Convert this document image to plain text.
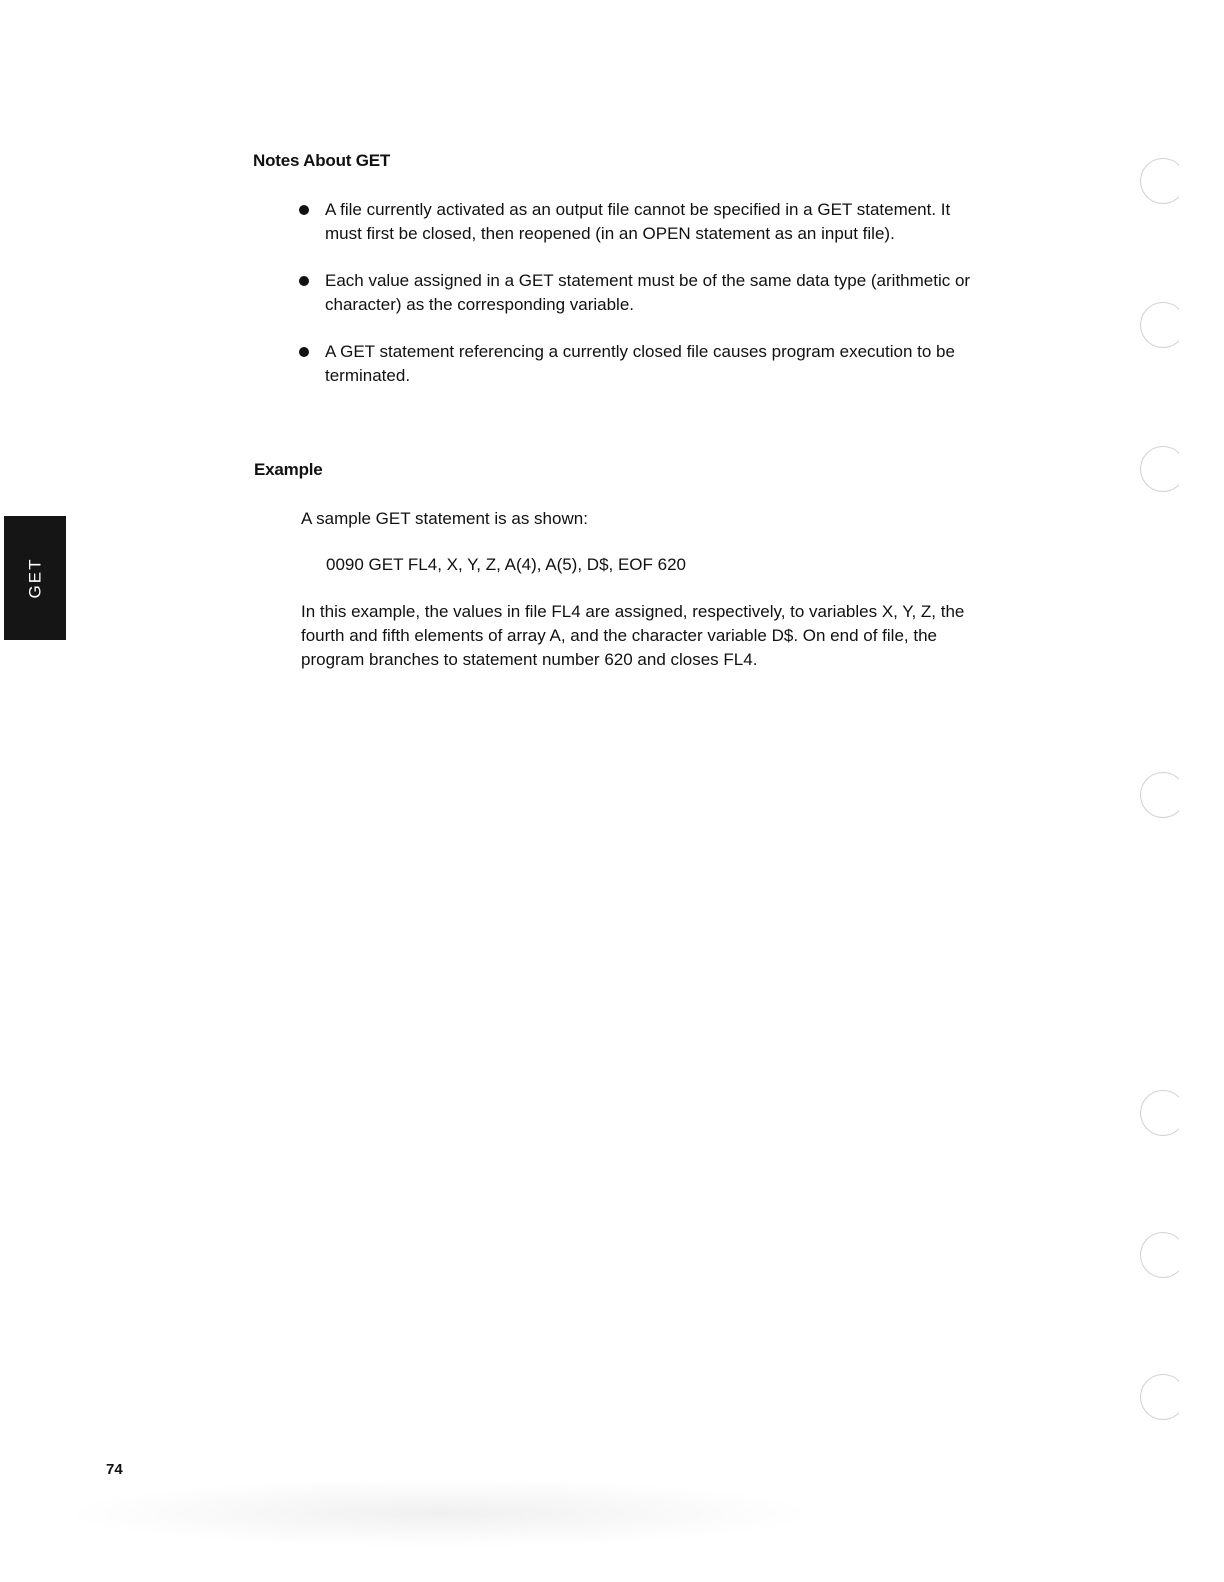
Notes About GET
A file currently activated as an output file cannot be specified in a GET statement. It must first be closed, then reopened (in an OPEN statement as an input file).
Each value assigned in a GET statement must be of the same data type (arithmetic or character) as the corresponding variable.
A GET statement referencing a currently closed file causes program execution to be terminated.
Example

A sample GET statement is as shown:

0090 GET FL4, X, Y, Z, A(4), A(5), D$, EOF 620

In this example, the values in file FL4 are assigned, respectively, to variables X, Y, Z, the fourth and fifth elements of array A, and the character variable D$. On end of file, the program branches to statement number 620 and closes FL4.

GET

74
